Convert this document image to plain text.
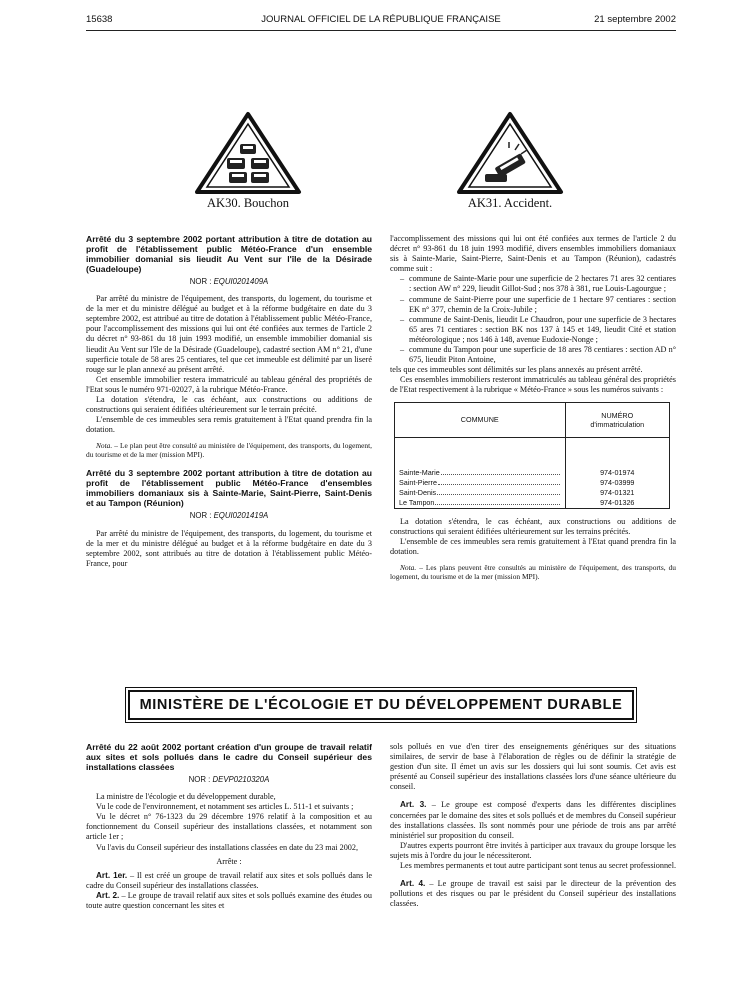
15638	JOURNAL OFFICIEL DE LA RÉPUBLIQUE FRANÇAISE	21 septembre 2002
AK30. Bouchon	AK31. Accident.

Arrêté du 3 septembre 2002 portant attribution à titre de dotation au profit de l'établissement public Météo-France d'un ensemble immobilier domanial sis lieudit Au Vent sur l'île de la Désirade (Guadeloupe)

NOR : EQUI0201409A

Par arrêté du ministre de l'équipement, des transports, du logement, du tourisme et de la mer et du ministre délégué au budget et à la réforme budgétaire en date du 3 septembre 2002, est attribué au titre de dotation à l'établissement public Météo-France, pour l'accomplissement des missions qui lui ont été confiées aux termes de l'article 2 du décret n° 93-861 du 18 juin 1993 modifié, un ensemble immobilier domanial sis lieudit Au Vent sur l'île de la Désirade (Guadeloupe), cadastré section AM n° 21, d'une superficie totale de 58 ares 25 centiares, tel que cet immeuble est délimité par un liseré rouge sur le plan annexé au présent arrêté.

Cet ensemble immobilier restera immatriculé au tableau général des propriétés de l'Etat sous le numéro 971-02027, à la rubrique Météo-France.

La dotation s'étendra, le cas échéant, aux constructions ou additions de constructions qui seraient édifiées ultérieurement sur le terrain précité.

L'ensemble de ces immeubles sera remis gratuitement à l'Etat quand prendra fin la dotation.

Nota. – Le plan peut être consulté au ministère de l'équipement, des transports, du logement, du tourisme et de la mer (mission MPI).

Arrêté du 3 septembre 2002 portant attribution à titre de dotation au profit de l'établissement public Météo-France d'ensembles immobiliers domaniaux sis à Sainte-Marie, Saint-Pierre, Saint-Denis et au Tampon (Réunion)

NOR : EQUI0201419A

Par arrêté du ministre de l'équipement, des transports, du logement, du tourisme et de la mer et du ministre délégué au budget et à la réforme budgétaire en date du 3 septembre 2002, sont attribués au titre de dotation à l'établissement public Météo-France, pour

l'accomplissement des missions qui lui ont été confiées aux termes de l'article 2 du décret n° 93-861 du 18 juin 1993 modifié, divers ensembles immobiliers domaniaux sis à Sainte-Marie, Saint-Pierre, Saint-Denis et au Tampon (Réunion), cadastrés comme suit :

– commune de Sainte-Marie pour une superficie de 2 hectares 71 ares 32 centiares : section AW n° 229, lieudit Gillot-Sud ; nos 378 à 381, rue Louis-Lagourgue ;
– commune de Saint-Pierre pour une superficie de 1 hectare 97 centiares : section EK n° 377, chemin de la Croix-Jubile ;
– commune de Saint-Denis, lieudit Le Chaudron, pour une superficie de 3 hectares 65 ares 71 centiares : section BK nos 137 à 145 et 149, lieudit Cité et station météorologique ; nos 146 à 148, avenue Eudoxie-Nonge ;
– commune du Tampon pour une superficie de 18 ares 78 centiares : section AD n° 675, lieudit Piton Antoine,

tels que ces immeubles sont délimités sur les plans annexés au présent arrêté.

Ces ensembles immobiliers resteront immatriculés au tableau général des propriétés de l'Etat respectivement à la rubrique « Météo-France » sous les numéros suivants :

COMMUNE	NUMÉRO
d'immatriculation

Sainte-Marie	974-01974

Saint-Pierre	974-03999

Saint-Denis	974-01321

Le Tampon	974-01326

La dotation s'étendra, le cas échéant, aux constructions ou additions de constructions qui seraient édifiées ultérieurement sur les terrains précités.

L'ensemble de ces immeubles sera remis gratuitement à l'Etat quand prendra fin la dotation.

Nota. – Les plans peuvent être consultés au ministère de l'équipement, des transports, du logement, du tourisme et de la mer (mission MPI).

MINISTÈRE DE L'ÉCOLOGIE ET DU DÉVELOPPEMENT DURABLE

Arrêté du 22 août 2002 portant création d'un groupe de travail relatif aux sites et sols pollués dans le cadre du Conseil supérieur des installations classées

NOR : DEVP0210320A

La ministre de l'écologie et du développement durable,

Vu le code de l'environnement, et notamment ses articles L. 511-1 et suivants ;

Vu le décret n° 76-1323 du 29 décembre 1976 relatif à la composition et au fonctionnement du Conseil supérieur des installations classées, et notamment son article 1er ;

Vu l'avis du Conseil supérieur des installations classées en date du 23 mai 2002,

Arrête :

Art. 1er. – Il est créé un groupe de travail relatif aux sites et sols pollués dans le cadre du Conseil supérieur des installations classées.

Art. 2. – Le groupe de travail relatif aux sites et sols pollués examine des études ou toute autre question concernant les sites et

sols pollués en vue d'en tirer des enseignements génériques sur des situations similaires, de servir de base à l'élaboration de règles ou de définir la stratégie de gestion d'un site. Il émet un avis sur les dossiers qui lui sont soumis. Cet avis est présenté au Conseil supérieur des installations classées lors d'une séance ultérieure du conseil.

Art. 3. – Le groupe est composé d'experts dans les différentes disciplines concernées par le domaine des sites et sols pollués et de membres du Conseil supérieur des installations classées. Ils sont nommés pour une période de trois ans par arrêté ministériel sur proposition du conseil.

D'autres experts pourront être invités à participer aux travaux du groupe lorsque les sujets mis à l'ordre du jour le nécessiteront.

Les membres permanents et tout autre participant sont tenus au secret professionnel.

Art. 4. – Le groupe de travail est saisi par le directeur de la prévention des pollutions et des risques ou par le président du Conseil supérieur des installations classées.
